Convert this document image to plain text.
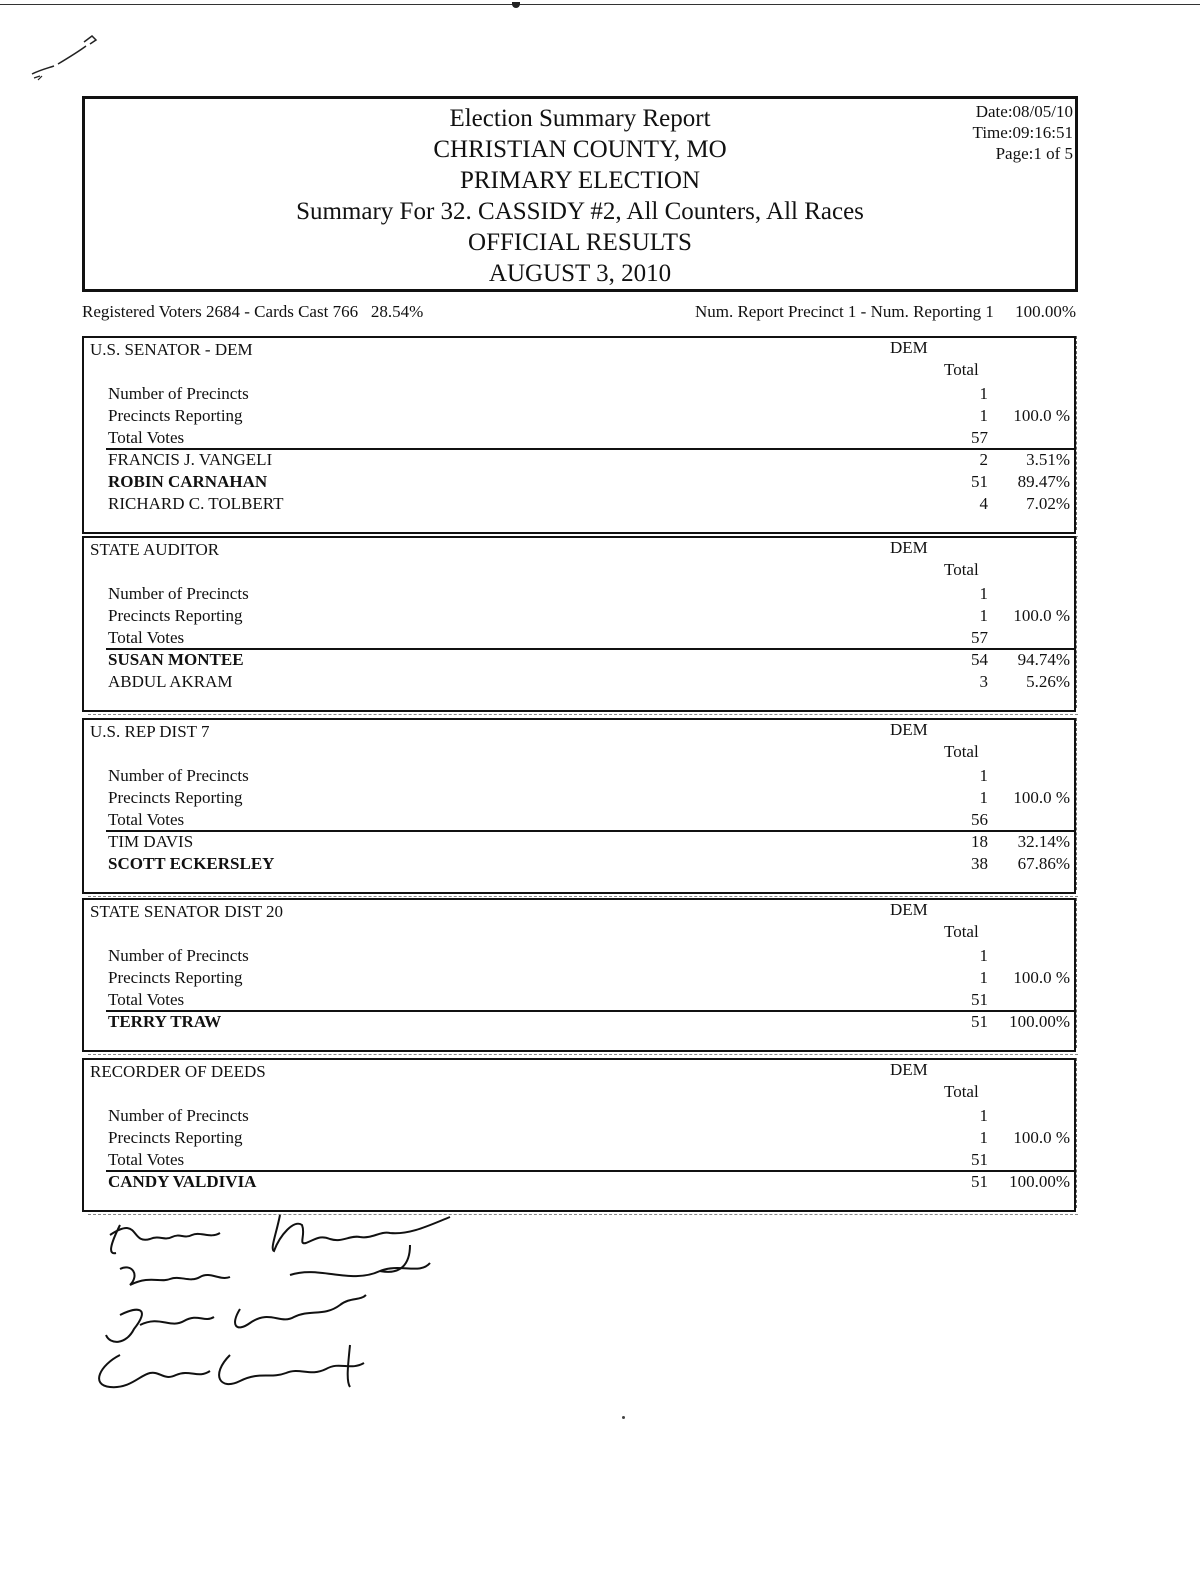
Election Summary Report
CHRISTIAN COUNTY, MO
PRIMARY ELECTION
Summary For 32. CASSIDY #2, All Counters, All Races
OFFICIAL RESULTS
AUGUST 3, 2010
Date:08/05/10
Time:09:16:51
Page:1 of 5
Registered Voters 2684 - Cards Cast 766 28.54%	Num. Report Precinct 1 - Num. Reporting 1 100.00%
U.S. SENATOR - DEM	DEM
Total
Number of Precincts	1
Precincts Reporting	1 100.0 %
Total Votes	57
FRANCIS J. VANGELI	2 3.51%
ROBIN CARNAHAN	51 89.47%
RICHARD C. TOLBERT	4 7.02%
STATE AUDITOR	DEM
Total
Number of Precincts	1
Precincts Reporting	1 100.0 %
Total Votes	57
SUSAN MONTEE	54 94.74%
ABDUL AKRAM	3 5.26%
U.S. REP DIST 7	DEM
Total
Number of Precincts	1
Precincts Reporting	1 100.0 %
Total Votes	56
TIM DAVIS	18 32.14%
SCOTT ECKERSLEY	38 67.86%
STATE SENATOR DIST 20	DEM
Total
Number of Precincts	1
Precincts Reporting	1 100.0 %
Total Votes	51
TERRY TRAW	51 100.00%
RECORDER OF DEEDS	DEM
Total
Number of Precincts	1
Precincts Reporting	1 100.0 %
Total Votes	51
CANDY VALDIVIA	51 100.00%
